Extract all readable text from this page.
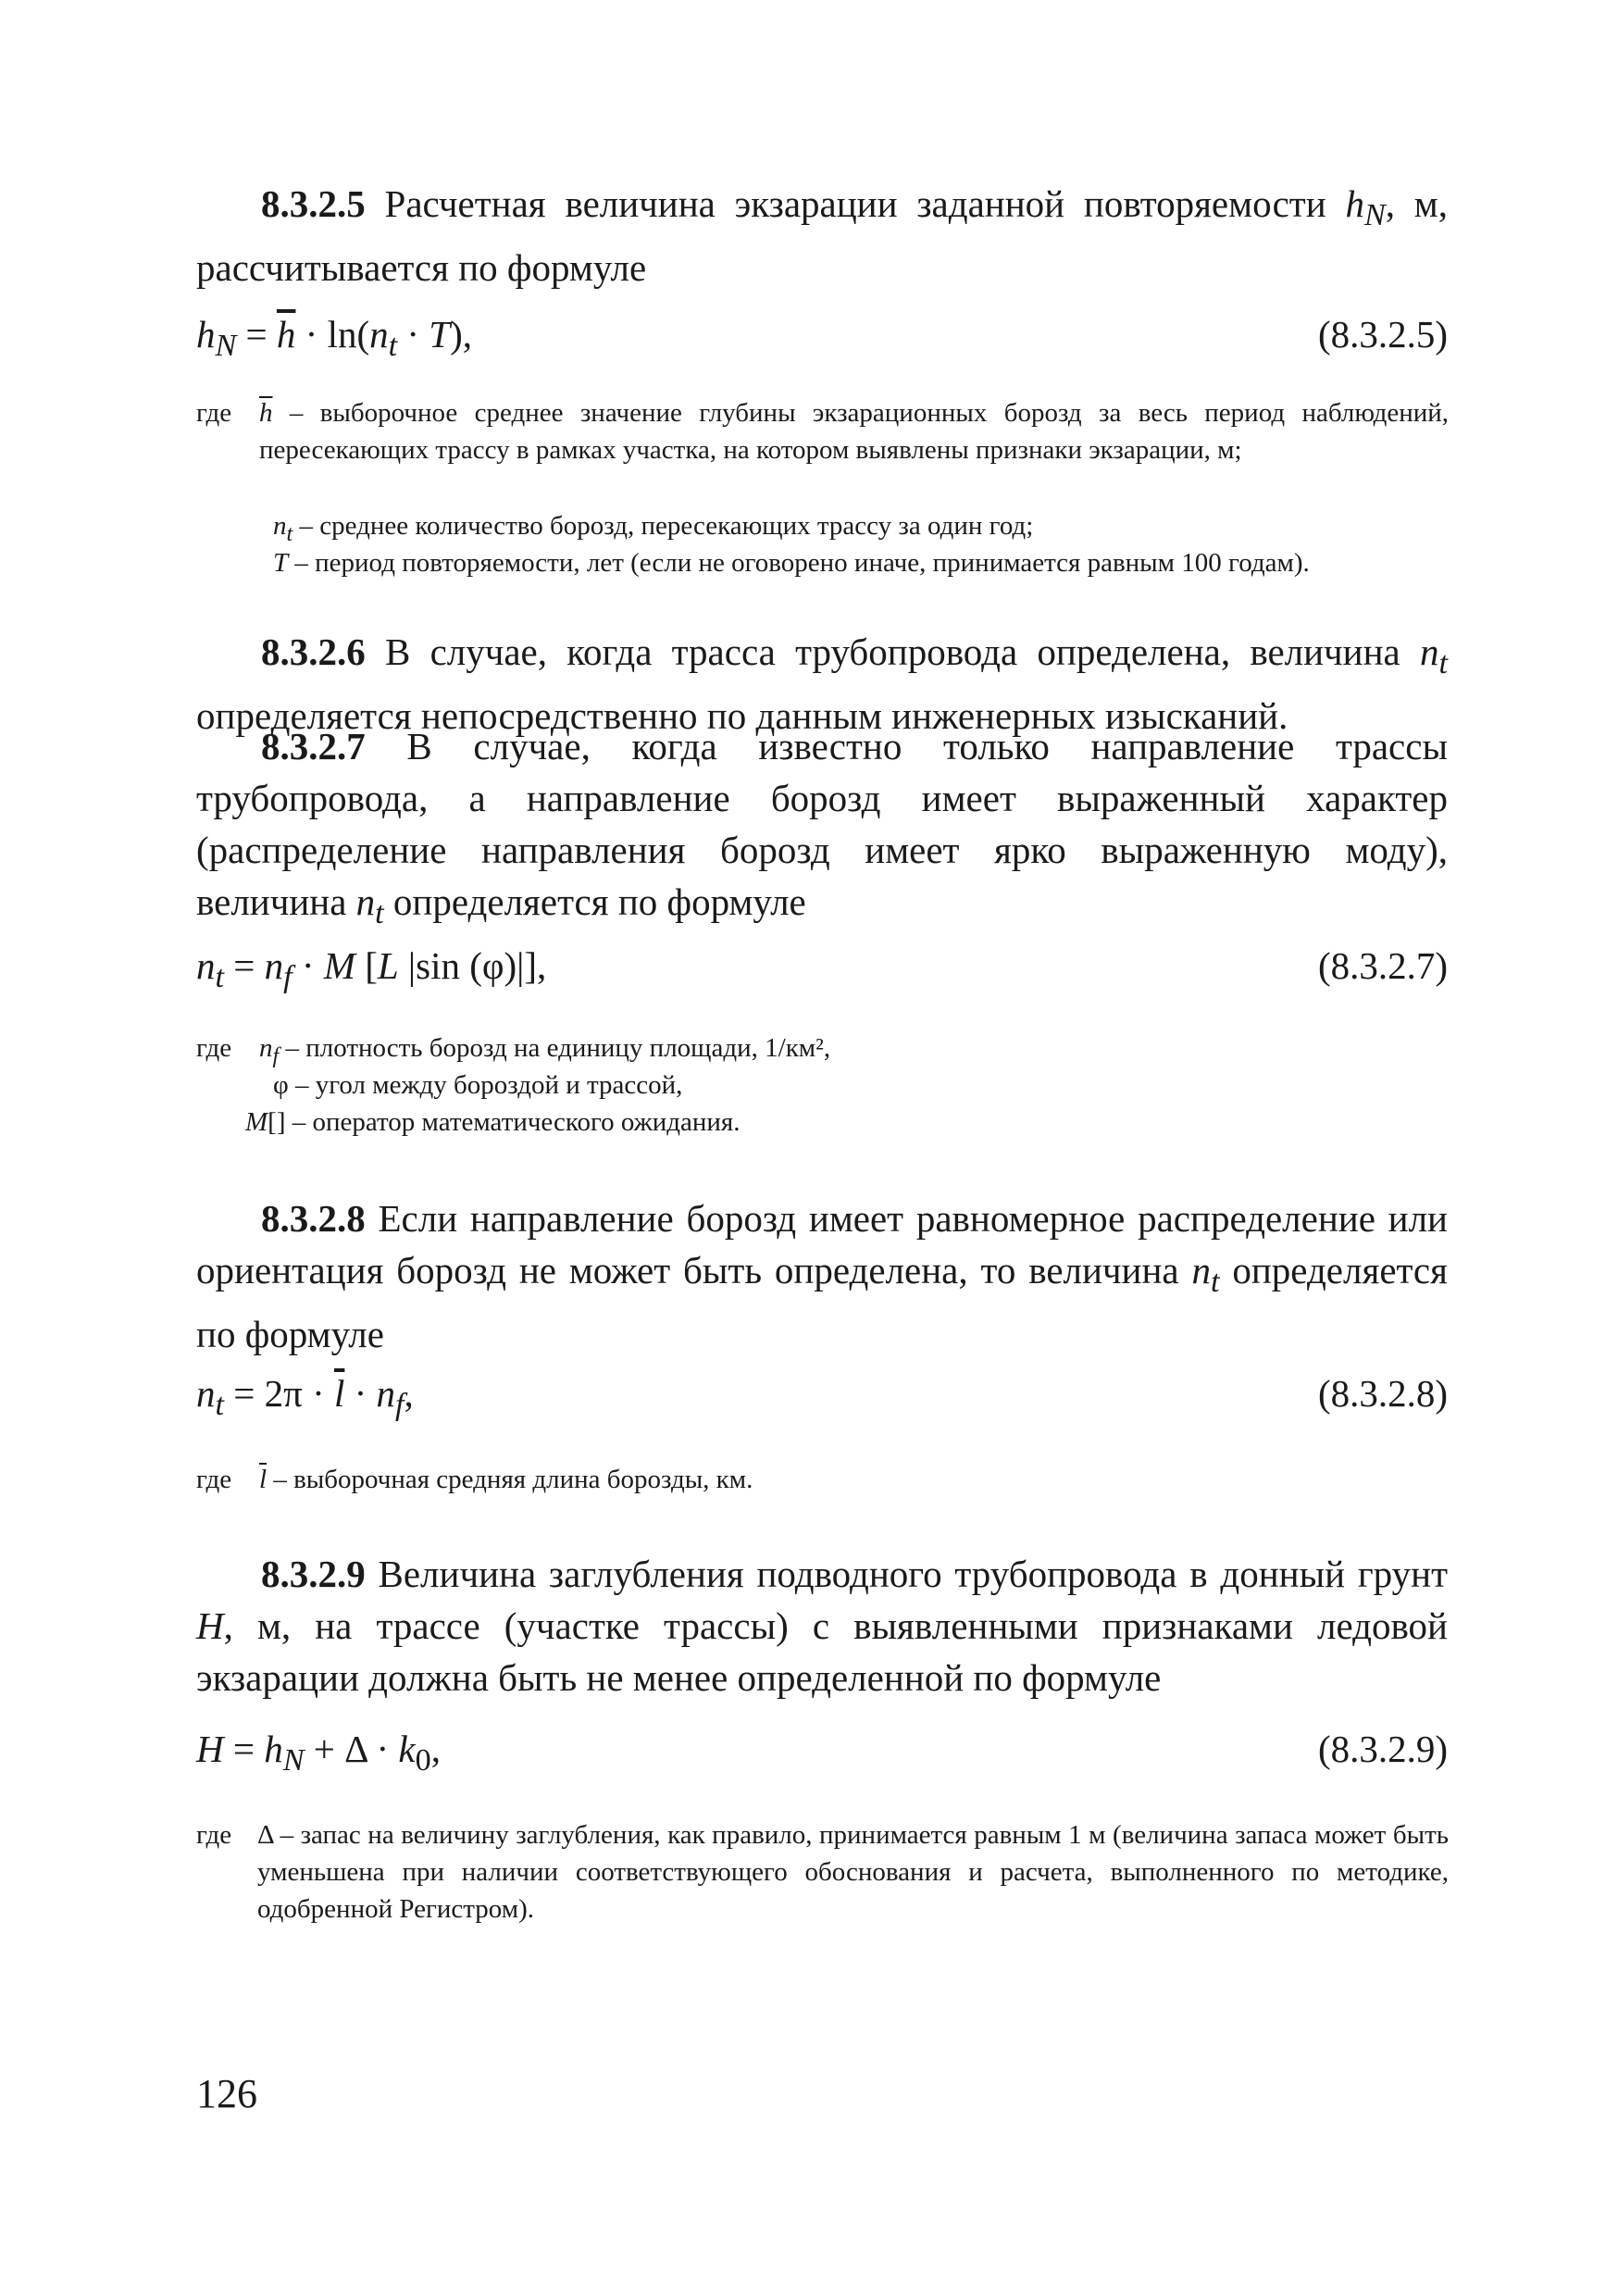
8.3.2.5 Расчетная величина экзарации заданной повторяемости $h_N$, м, рассчитывается по формуле
$h_N = \overline{h} \cdot \ln(n_t \cdot T)$,	(8.3.2.5)
где $\overline{h}$ – выборочное среднее значение глубины экзарационных борозд за весь период наблюдений, пересекающих трассу в рамках участка, на котором выявлены признаки экзарации, м;
$n_t$ – среднее количество борозд, пересекающих трассу за один год;
T – период повторяемости, лет (если не оговорено иначе, принимается равным 100 годам).
8.3.2.6 В случае, когда трасса трубопровода определена, величина $n_t$ определяется непосредственно по данным инженерных изысканий.
8.3.2.7 В случае, когда известно только направление трассы трубопровода, а направление борозд имеет выраженный характер (распределение направления борозд имеет ярко выраженную моду), величина $n_t$ определяется по формуле
$n_t = n_f \cdot M$ [L |sin (φ)|],	(8.3.2.7)
где $n_f$ – плотность борозд на единицу площади, 1/км²,
φ – угол между бороздой и трассой,
M[] – оператор математического ожидания.
8.3.2.8 Если направление борозд имеет равномерное распределение или ориентация борозд не может быть определена, то величина $n_t$ определяется по формуле
$n_t = 2\pi \cdot \overline{l} \cdot n_f$,	(8.3.2.8)
где $\overline{l}$ – выборочная средняя длина борозды, км.
8.3.2.9 Величина заглубления подводного трубопровода в донный грунт H, м, на трассе (участке трассы) с выявленными признаками ледовой экзарации должна быть не менее определенной по формуле
$H = h_N + \Delta \cdot k_0$,	(8.3.2.9)
где Δ – запас на величину заглубления, как правило, принимается равным 1 м (величина запаса может быть уменьшена при наличии соответствующего обоснования и расчета, выполненного по методике, одобренной Регистром).
126
